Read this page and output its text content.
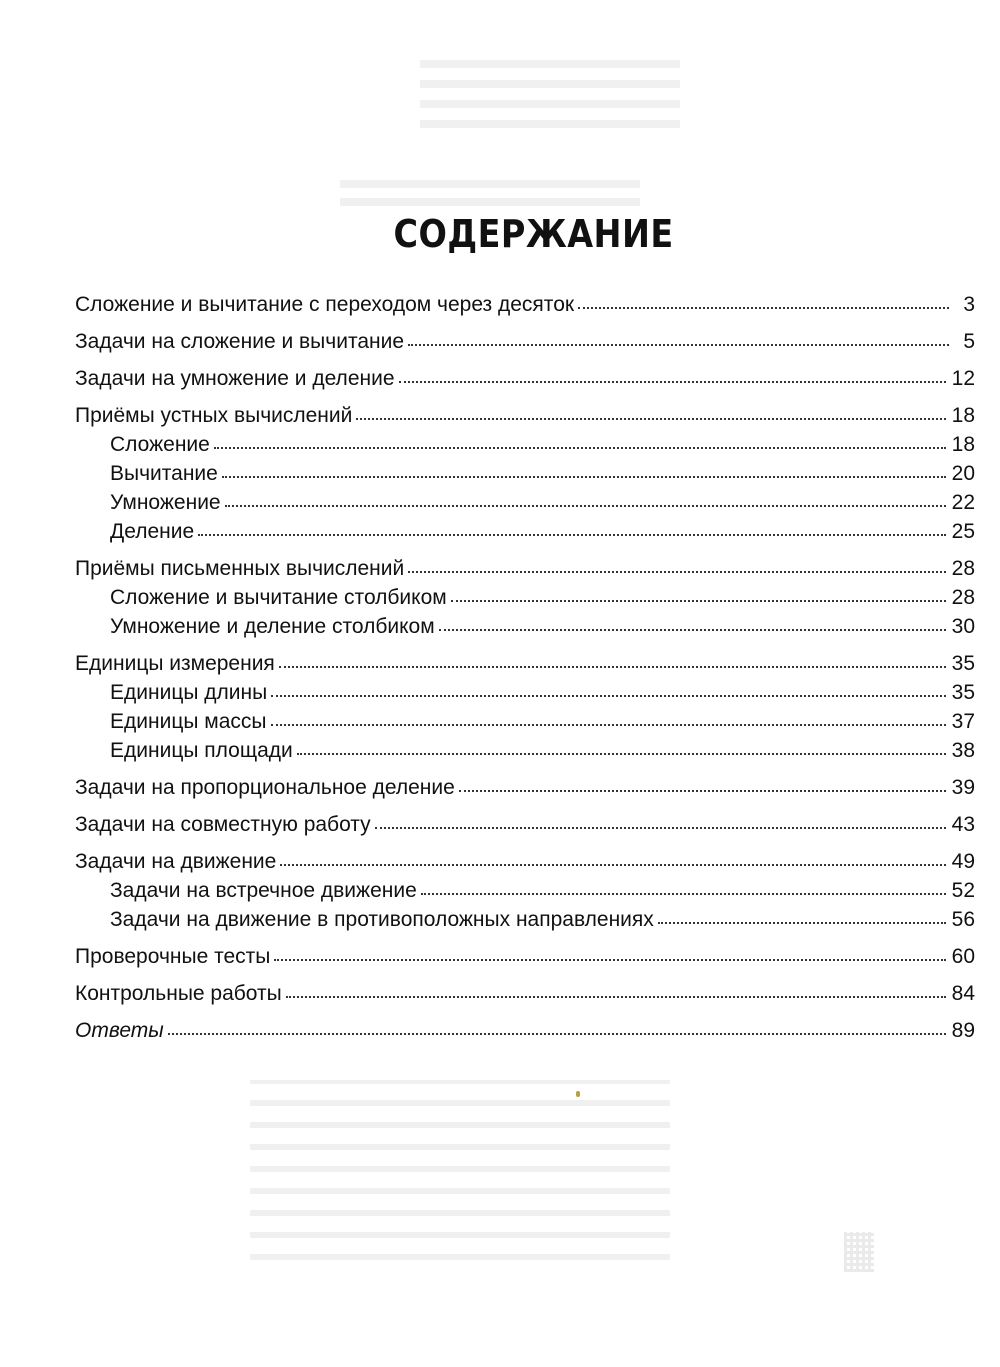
СОДЕРЖАНИЕ
Сложение и вычитание с переходом через десяток	3
Задачи на сложение и вычитание	5
Задачи на умножение и деление	12
Приёмы устных вычислений	18
Сложение	18
Вычитание	20
Умножение	22
Деление	25
Приёмы письменных вычислений	28
Сложение и вычитание столбиком	28
Умножение и деление столбиком	30
Единицы измерения	35
Единицы длины	35
Единицы массы	37
Единицы площади	38
Задачи на пропорциональное деление	39
Задачи на совместную работу	43
Задачи на движение	49
Задачи на встречное движение	52
Задачи на движение в противоположных направлениях	56
Проверочные тесты	60
Контрольные работы	84
Ответы	89
